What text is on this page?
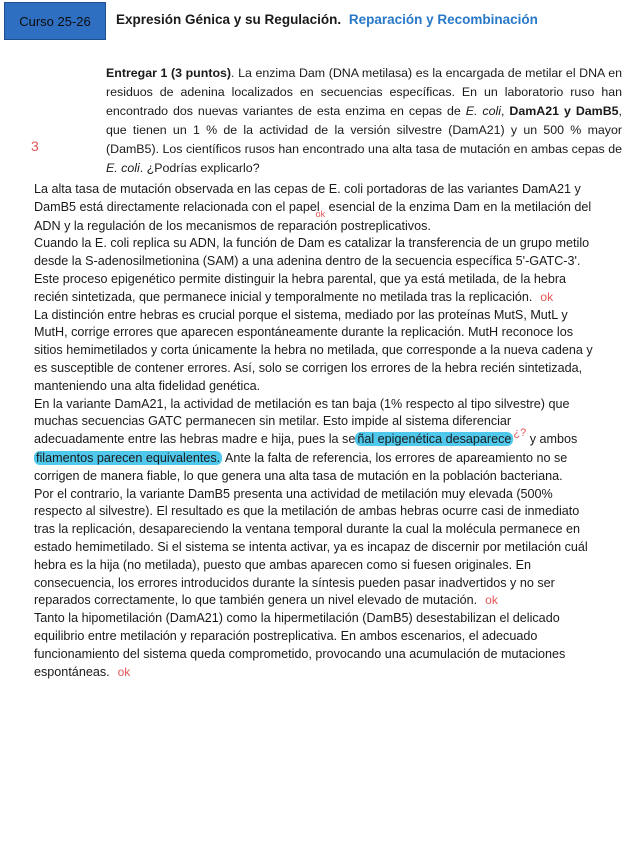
Curso 25-26	Expresión Génica y su Regulación. Reparación y Recombinación
Entregar 1 (3 puntos). La enzima Dam (DNA metilasa) es la encargada de metilar el DNA en residuos de adenina localizados en secuencias específicas. En un laboratorio ruso han encontrado dos nuevas variantes de esta enzima en cepas de E. coli, DamA21 y DamB5, que tienen un 1 % de la actividad de la versión silvestre (DamA21) y un 500 % mayor (DamB5). Los científicos rusos han encontrado una alta tasa de mutación en ambas cepas de E. coli. ¿Podrías explicarlo?
3

La alta tasa de mutación observada en las cepas de E. coli portadoras de las variantes DamA21 y DamB5 está directamente relacionada con el papel$_{ok}$ esencial de la enzima Dam en la metilación del ADN y la regulación de los mecanismos de reparación postreplicativos.

Cuando la E. coli replica su ADN, la función de Dam es catalizar la transferencia de un grupo metilo desde la S-adenosilmetionina (SAM) a una adenina dentro de la secuencia específica 5'-GATC-3'. Este proceso epigenético permite distinguir la hebra parental, que ya está metilada, de la hebra recién sintetizada, que permanece inicial y temporalmente no metilada tras la replicación. ok

La distinción entre hebras es crucial porque el sistema, mediado por las proteínas MutS, MutL y MutH, corrige errores que aparecen espontáneamente durante la replicación. MutH reconoce los sitios hemimetilados y corta únicamente la hebra no metilada, que corresponde a la nueva cadena y es susceptible de contener errores. Así, solo se corrigen los errores de la hebra recién sintetizada, manteniendo una alta fidelidad genética.

En la variante DamA21, la actividad de metilación es tan baja (1% respecto al tipo silvestre) que muchas secuencias GATC permanecen sin metilar. Esto impide al sistema diferenciar adecuadamente entre las hebras madre e hija, pues la se ñal epigenética desaparece ¿? y ambos filamentos parecen equivalentes. Ante la falta de referencia, los errores de apareamiento no se corrigen de manera fiable, lo que genera una alta tasa de mutación en la población bacteriana.

Por el contrario, la variante DamB5 presenta una actividad de metilación muy elevada (500% respecto al silvestre). El resultado es que la metilación de ambas hebras ocurre casi de inmediato tras la replicación, desapareciendo la ventana temporal durante la cual la molécula permanece en estado hemimetilado. Si el sistema se intenta activar, ya es incapaz de discernir por metilación cuál hebra es la hija (no metilada), puesto que ambas aparecen como si fuesen originales. En consecuencia, los errores introducidos durante la síntesis pueden pasar inadvertidos y no ser reparados correctamente, lo que también genera un nivel elevado de mutación. ok

Tanto la hipometilación (DamA21) como la hipermetilación (DamB5) desestabilizan el delicado equilibrio entre metilación y reparación postreplicativa. En ambos escenarios, el adecuado funcionamiento del sistema queda comprometido, provocando una acumulación de mutaciones espontáneas. ok
